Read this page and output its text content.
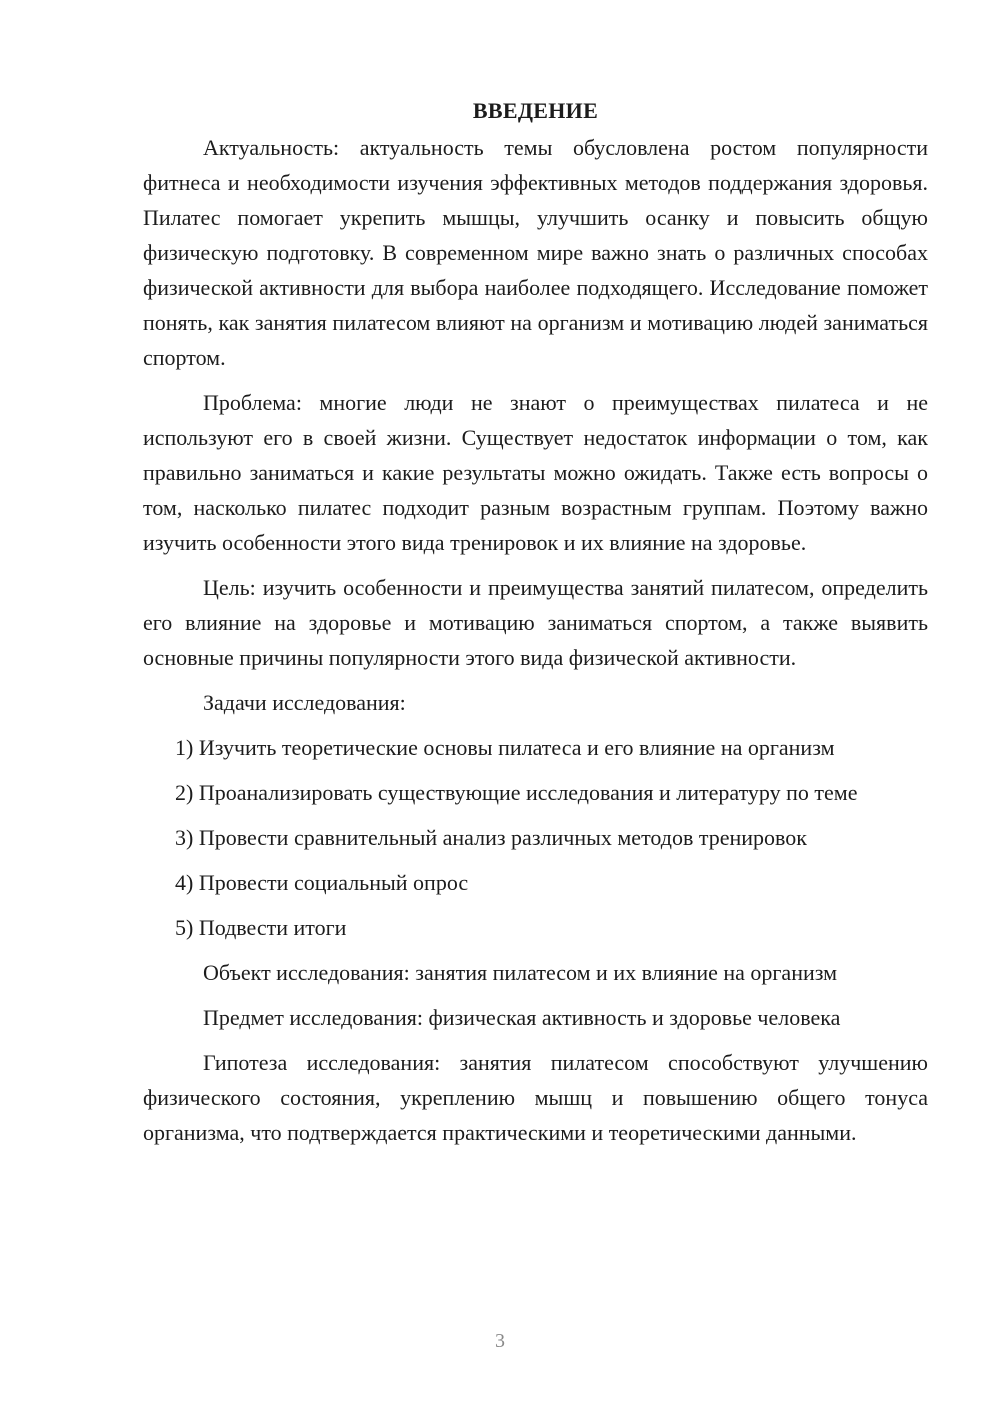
ВВЕДЕНИЕ

Актуальность: актуальность темы обусловлена ростом популярности фитнеса и необходимости изучения эффективных методов поддержания здоровья. Пилатес помогает укрепить мышцы, улучшить осанку и повысить общую физическую подготовку. В современном мире важно знать о различных способах физической активности для выбора наиболее подходящего. Исследование поможет понять, как занятия пилатесом влияют на организм и мотивацию людей заниматься спортом.

Проблема: многие люди не знают о преимуществах пилатеса и не используют его в своей жизни. Существует недостаток информации о том, как правильно заниматься и какие результаты можно ожидать. Также есть вопросы о том, насколько пилатес подходит разным возрастным группам. Поэтому важно изучить особенности этого вида тренировок и их влияние на здоровье.

Цель: изучить особенности и преимущества занятий пилатесом, определить его влияние на здоровье и мотивацию заниматься спортом, а также выявить основные причины популярности этого вида физической активности.

Задачи исследования:

1) Изучить теоретические основы пилатеса и его влияние на организм

2) Проанализировать существующие исследования и литературу по теме

3) Провести сравнительный анализ различных методов тренировок

4) Провести социальный опрос

5) Подвести итоги

Объект исследования: занятия пилатесом и их влияние на организм

Предмет исследования: физическая активность и здоровье человека

Гипотеза исследования: занятия пилатесом способствуют улучшению физического состояния, укреплению мышц и повышению общего тонуса организма, что подтверждается практическими и теоретическими данными.

3
